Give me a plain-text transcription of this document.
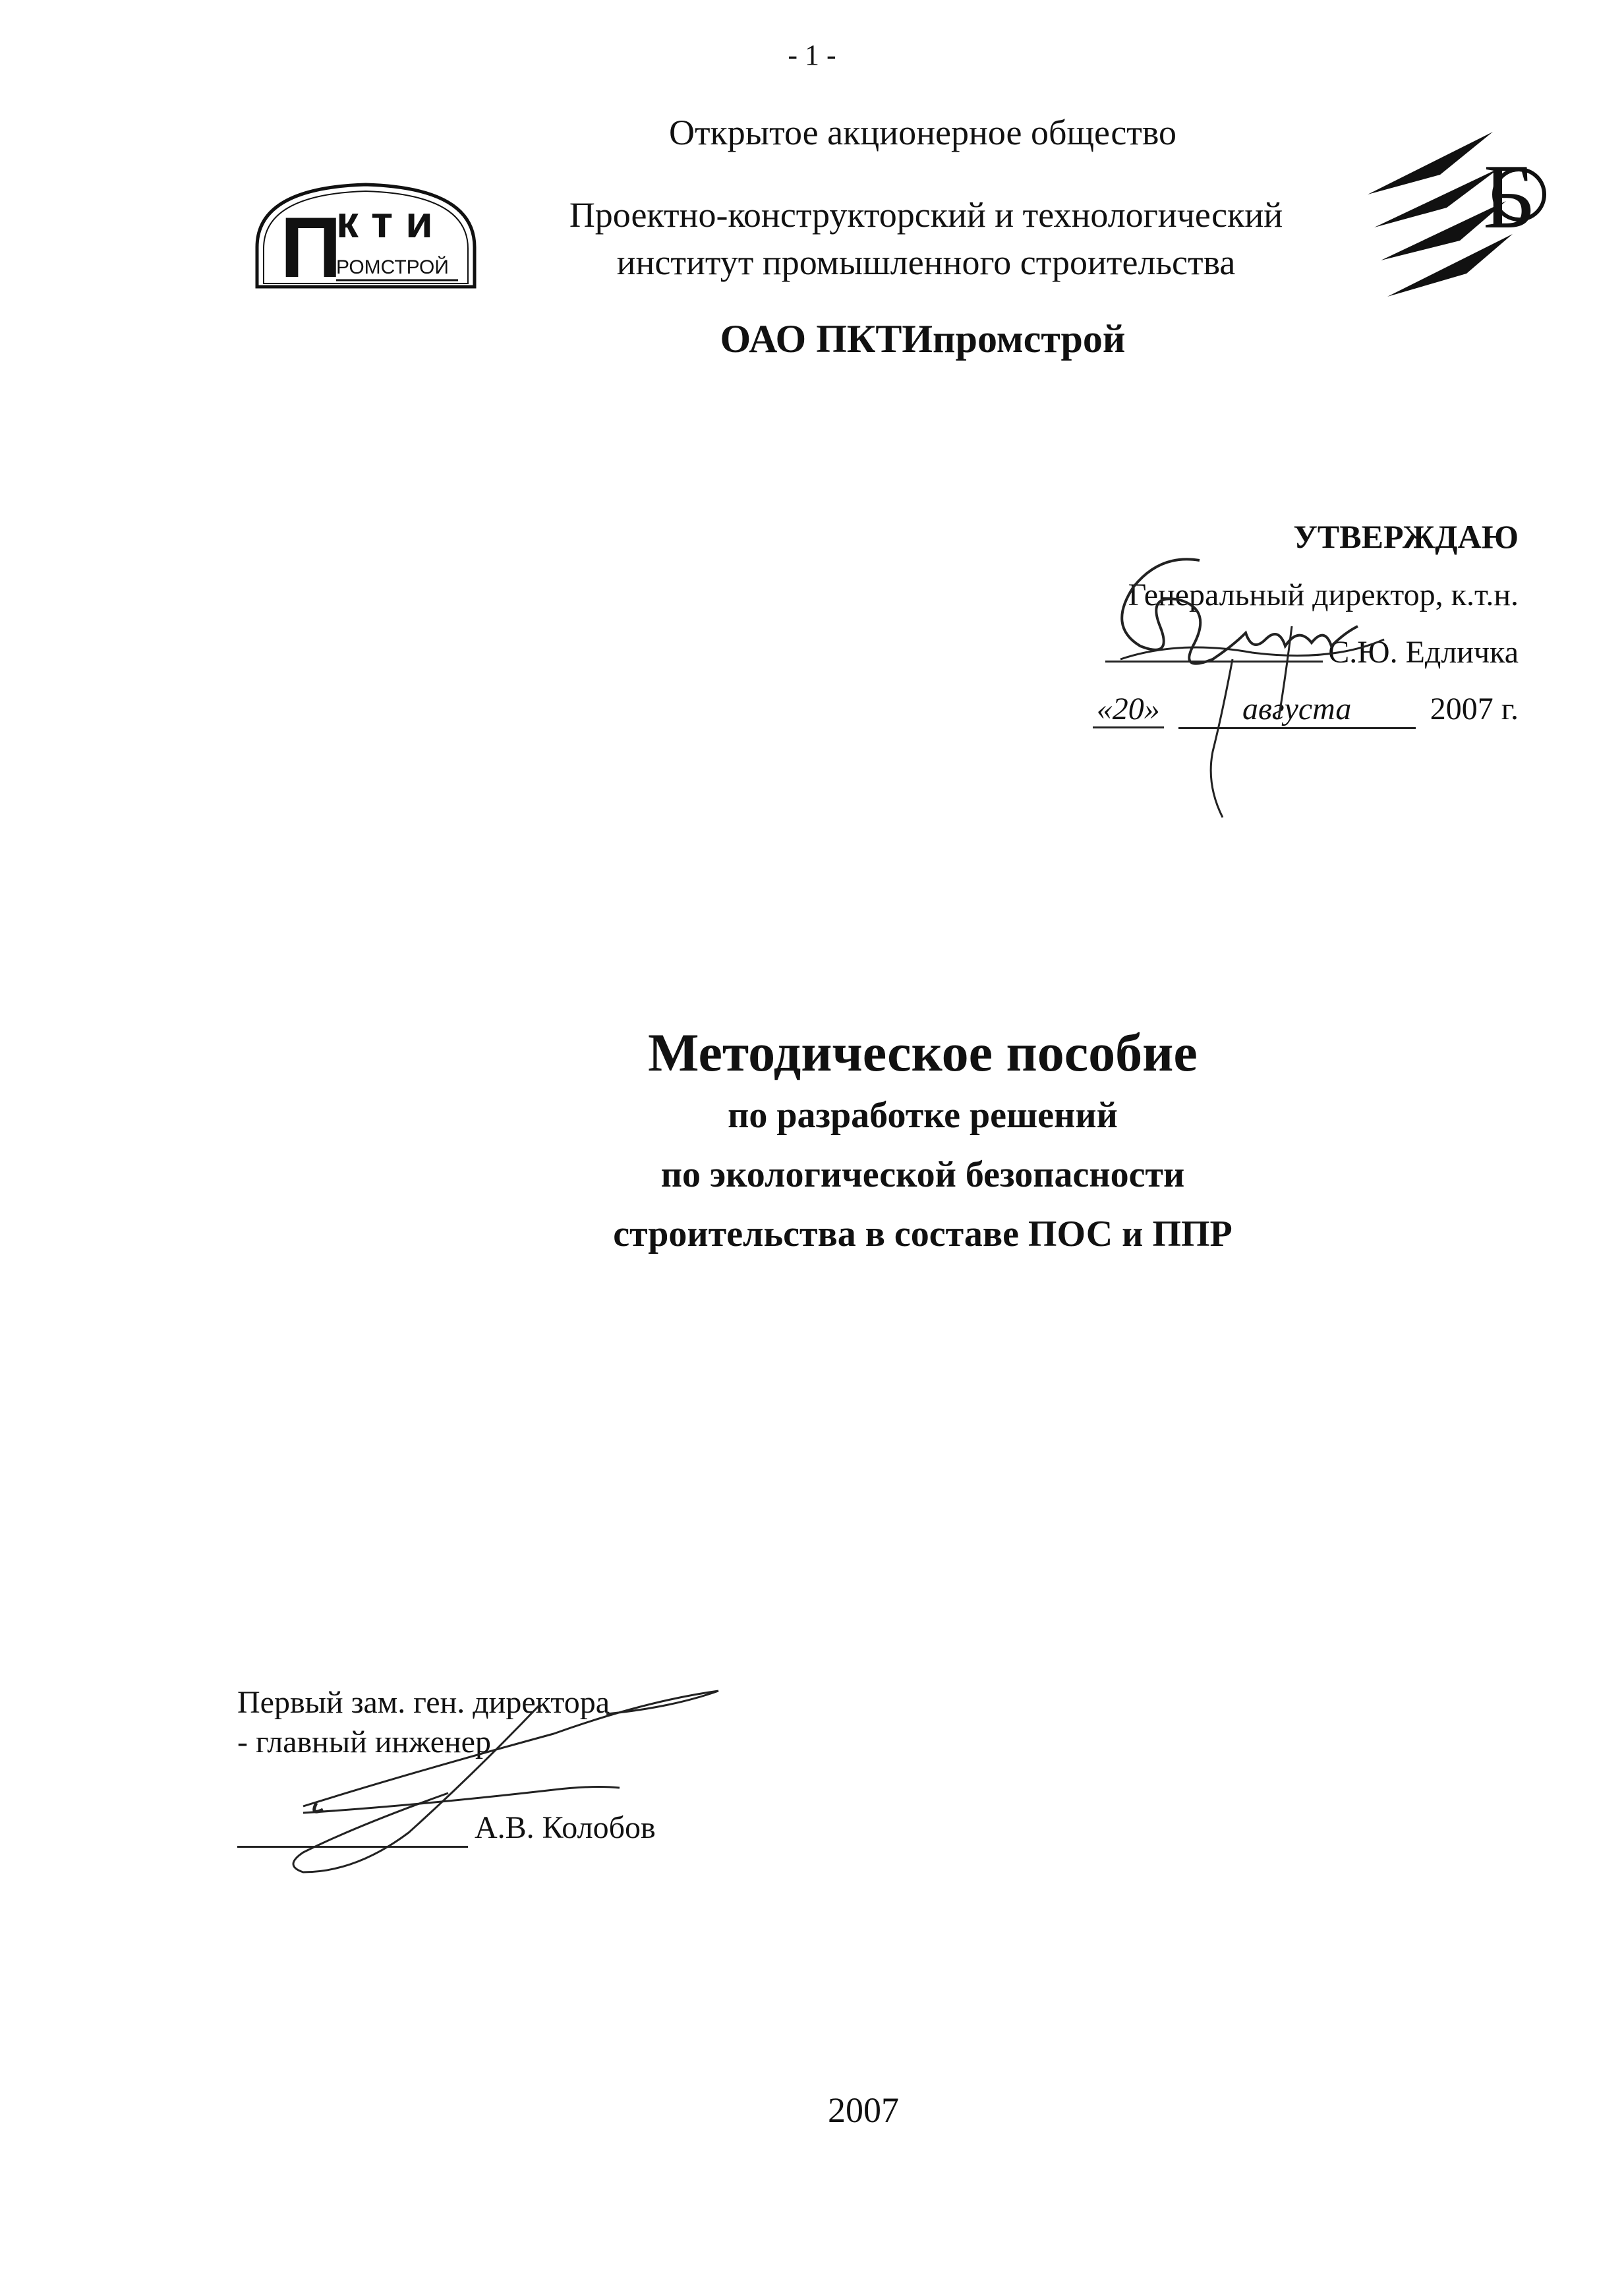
- 1 -
П
к т и
РОМСТРОЙ
Открытое акционерное общество
Проектно-конструкторский и технологический
институт промышленного строительства
Б
ОАО ПКТИпромстрой
УТВЕРЖДАЮ
Генеральный директор, к.т.н.
С.Ю. Едличка
«20»	августа 2007 г.
Методическое пособие
по разработке решений
по экологической безопасности
строительства в составе ПОС и ППР
Первый зам. ген. директора
- главный инженер
А.В. Колобов
2007
